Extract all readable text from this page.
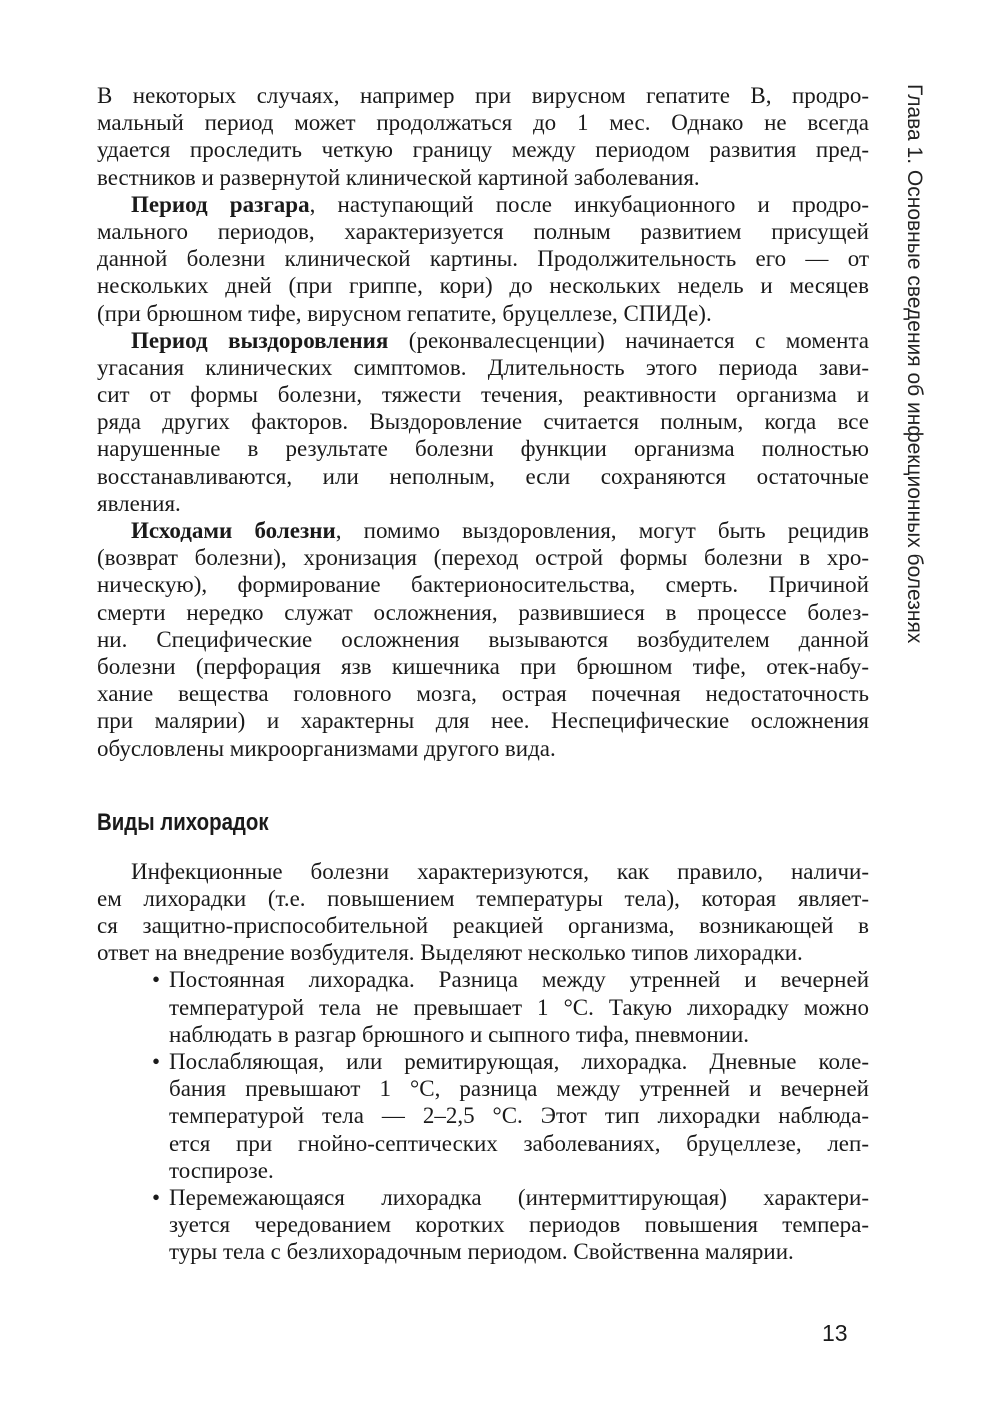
Глава 1. Основные сведения об инфекционных болезнях
В некоторых случаях, например при вирусном гепатите В, продро-
мальный период может продолжаться до 1 мес. Однако не всегда
удается проследить четкую границу между периодом развития пред-
вестников и развернутой клинической картиной заболевания.
Период разгара, наступающий после инкубационного и продро-
мального периодов, характеризуется полным развитием присущей
данной болезни клинической картины. Продолжительность его — от
нескольких дней (при гриппе, кори) до нескольких недель и месяцев
(при брюшном тифе, вирусном гепатите, бруцеллезе, СПИДе).
Период выздоровления (реконвалесценции) начинается с момента
угасания клинических симптомов. Длительность этого периода зави-
сит от формы болезни, тяжести течения, реактивности организма и
ряда других факторов. Выздоровление считается полным, когда все
нарушенные в результате болезни функции организма полностью
восстанавливаются, или неполным, если сохраняются остаточные
явления.
Исходами болезни, помимо выздоровления, могут быть рецидив
(возврат болезни), хронизация (переход острой формы болезни в хро-
ническую), формирование бактерионосительства, смерть. Причиной
смерти нередко служат осложнения, развившиеся в процессе болез-
ни. Специфические осложнения вызываются возбудителем данной
болезни (перфорация язв кишечника при брюшном тифе, отек-набу-
хание вещества головного мозга, острая почечная недостаточность
при малярии) и характерны для нее. Неспецифические осложнения
обусловлены микроорганизмами другого вида.
Виды лихорадок
Инфекционные болезни характеризуются, как правило, наличи-
ем лихорадки (т.е. повышением температуры тела), которая являет-
ся защитно-приспособительной реакцией организма, возникающей в
ответ на внедрение возбудителя. Выделяют несколько типов лихорадки.
• Постоянная лихорадка. Разница между утренней и вечерней
температурой тела не превышает 1 °С. Такую лихорадку можно
наблюдать в разгар брюшного и сыпного тифа, пневмонии.
• Послабляющая, или ремитирующая, лихорадка. Дневные коле-
бания превышают 1 °С, разница между утренней и вечерней
температурой тела — 2–2,5 °С. Этот тип лихорадки наблюда-
ется при гнойно-септических заболеваниях, бруцеллезе, леп-
тоспирозе.
• Перемежающаяся лихорадка (интермиттирующая) характери-
зуется чередованием коротких периодов повышения темпера-
туры тела с безлихорадочным периодом. Свойственна малярии.
13
